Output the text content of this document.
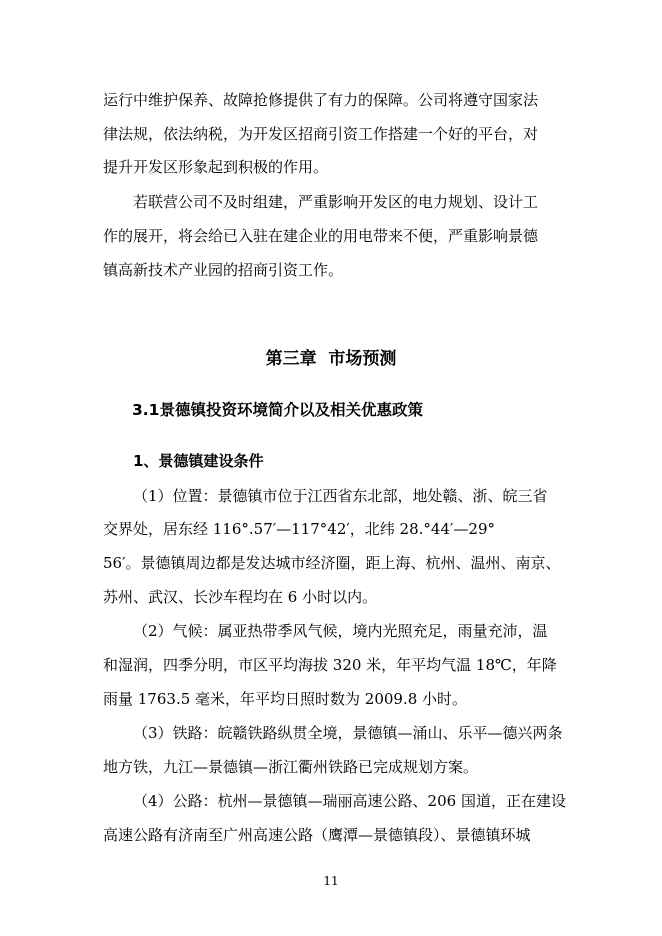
运行中维护保养、故障抢修提供了有力的保障。公司将遵守国家法
律法规，依法纳税，为开发区招商引资工作搭建一个好的平台，对
提升开发区形象起到积极的作用。
若联营公司不及时组建，严重影响开发区的电力规划、设计工
作的展开，将会给已入驻在建企业的用电带来不便，严重影响景德
镇高新技术产业园的招商引资工作。
第三章  市场预测
3.1景德镇投资环境简介以及相关优惠政策
1、景德镇建设条件
（1）位置：景德镇市位于江西省东北部，地处赣、浙、皖三省
交界处，居东经 116°.57′—117°42′，北纬 28.°44′—29°
56′。景德镇周边都是发达城市经济圈，距上海、杭州、温州、南京、
苏州、武汉、长沙车程均在 6 小时以内。
（2）气候：属亚热带季风气候，境内光照充足，雨量充沛，温
和湿润，四季分明，市区平均海拔 320 米，年平均气温 18℃，年降
雨量 1763.5 毫米，年平均日照时数为 2009.8 小时。
（3）铁路：皖赣铁路纵贯全境，景德镇—涌山、乐平—德兴两条
地方铁，九江—景德镇—浙江衢州铁路已完成规划方案。
（4）公路：杭州—景德镇—瑞丽高速公路、206 国道，正在建设
高速公路有济南至广州高速公路（鹰潭—景德镇段）、景德镇环城
11
